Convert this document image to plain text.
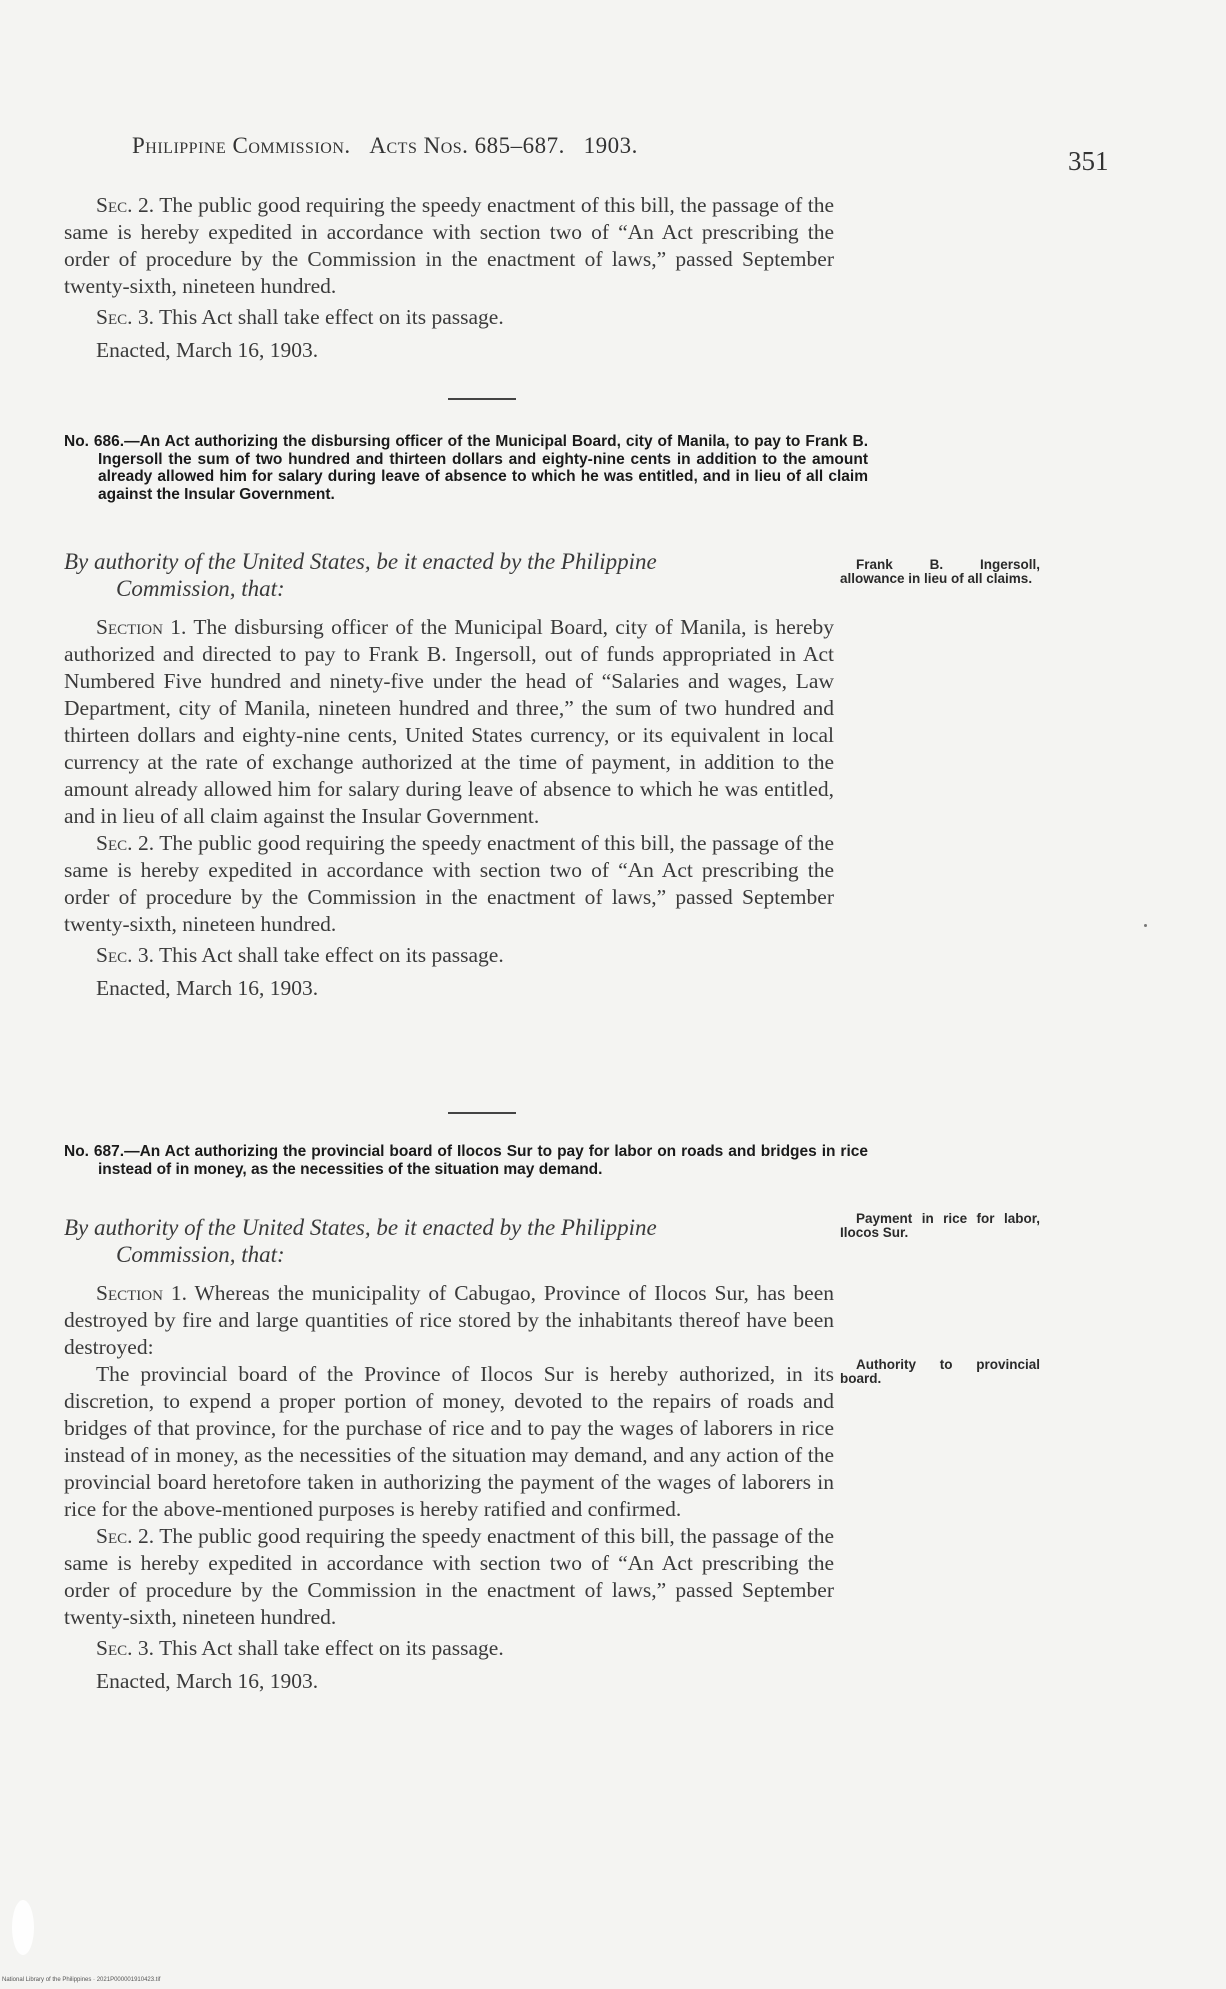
Philippine Commission. Acts Nos. 685–687. 1903.
351

Sec. 2. The public good requiring the speedy enactment of this bill, the passage of the same is hereby expedited in accordance with section two of “An Act prescribing the order of procedure by the Commission in the enactment of laws,” passed September twenty-sixth, nineteen hundred.

Sec. 3. This Act shall take effect on its passage.

Enacted, March 16, 1903.

No. 686.—An Act authorizing the disbursing officer of the Municipal Board, city of Manila, to pay to Frank B. Ingersoll the sum of two hundred and thirteen dollars and eighty-nine cents in addition to the amount already allowed him for salary during leave of absence to which he was entitled, and in lieu of all claim against the Insular Government.
By authority of the United States, be it enacted by the Philippine
Commission, that:
Frank B. Ingersoll, allowance in lieu of all claims.

Section 1. The disbursing officer of the Municipal Board, city of Manila, is hereby authorized and directed to pay to Frank B. Ingersoll, out of funds appropriated in Act Numbered Five hundred and ninety-five under the head of “Salaries and wages, Law Department, city of Manila, nineteen hundred and three,” the sum of two hundred and thirteen dollars and eighty-nine cents, United States currency, or its equivalent in local currency at the rate of exchange authorized at the time of payment, in addition to the amount already allowed him for salary during leave of absence to which he was entitled, and in lieu of all claim against the Insular Government.

Sec. 2. The public good requiring the speedy enactment of this bill, the passage of the same is hereby expedited in accordance with section two of “An Act prescribing the order of procedure by the Commission in the enactment of laws,” passed September twenty-sixth, nineteen hundred.

Sec. 3. This Act shall take effect on its passage.

Enacted, March 16, 1903.

No. 687.—An Act authorizing the provincial board of Ilocos Sur to pay for labor on roads and bridges in rice instead of in money, as the necessities of the situation may demand.
By authority of the United States, be it enacted by the Philippine
Commission, that:
Payment in rice for labor, Ilocos Sur.
Authority to provincial board.

Section 1. Whereas the municipality of Cabugao, Province of Ilocos Sur, has been destroyed by fire and large quantities of rice stored by the inhabitants thereof have been destroyed:

The provincial board of the Province of Ilocos Sur is hereby authorized, in its discretion, to expend a proper portion of money, devoted to the repairs of roads and bridges of that province, for the purchase of rice and to pay the wages of laborers in rice instead of in money, as the necessities of the situation may demand, and any action of the provincial board heretofore taken in authorizing the payment of the wages of laborers in rice for the above-mentioned purposes is hereby ratified and confirmed.

Sec. 2. The public good requiring the speedy enactment of this bill, the passage of the same is hereby expedited in accordance with section two of “An Act prescribing the order of procedure by the Commission in the enactment of laws,” passed September twenty-sixth, nineteen hundred.

Sec. 3. This Act shall take effect on its passage.

Enacted, March 16, 1903.

National Library of the Philippines · 2021P000001910423.tif
